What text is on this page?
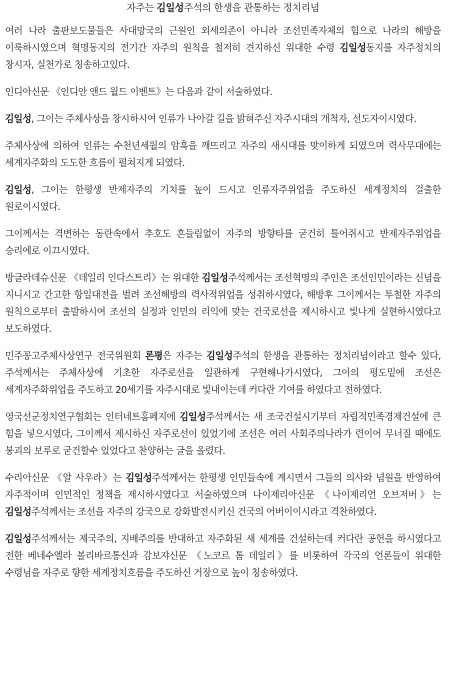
자주는 김일성주석의 한생을 관통하는 정치리념
여러 나라 출판보도물들은 사대망국의 근원인 외세의존이 아니라 조선민족자체의 힘으로 나라의 해방을 이룩하시였으며 혁명동지의 전기간 자주의 원칙을 철저히 견지하신 위대한 수령 김일성동지를 자주정치의 창시자, 실천가로 칭송하고있다.
인디아신문 《인디안 앤드 월드 이벤트》는 다음과 같이 서술하였다.
김일성, 그이는 주체사상을 창시하시여 인류가 나아갈 길을 밝혀주신 자주시대의 개척자, 선도자이시였다.
주체사상에 의하여 인류는 수천년세월의 암흑을 깨뜨리고 자주의 새시대를 맞이하게 되였으며 력사무대에는 세계자주화의 도도한 흐름이 펼쳐지게 되였다.
김일성, 그이는 한평생 반제자주의 기치를 높이 드시고 인류자주위업을 주도하신 세계정치의 걸출한 원로이시였다.
그이께서는 격변하는 동란속에서 추호도 흔들림없이 자주의 방향타를 굳건히 틀어쥐시고 반제자주위업을 승리에로 이끄시였다.
방글라데슈신문 《데일리 인다스트리》는 위대한 김일성주석께서는 조선혁명의 주인은 조선인민이라는 신념을 지니시고 간고한 항일대전을 벌려 조선해방의 력사적위업을 성취하시였다, 해방후 그이께서는 투철한 자주의 원칙으로부터 출발하시여 조선의 실정과 인민의 리익에 맞는 건국로선을 제시하시고 빛나게 실현하시였다고 보도하였다.
민주꽁고주체사상연구 전국위원회 론평은 자주는 김일성주석의 한생을 관통하는 정치리념이라고 할수 있다, 주석께서는 주체사상에 기초한 자주로선을 일관하게 구현해나가시였다, 그이의 평도밑에 조선은 세계자주화위업을 주도하고 20세기를 자주시대로 빛내이는데 커다란 기여를 하였다고 전하였다.
영국선군정치연구협회는 인터네트홈페지에 김일성주석께서는 새 조국건설시기부터 자립적민족경제건설에 큰 힘을 넣으시였다, 그이께서 제시하신 자주로선이 있었기에 조선은 여러 사회주의나라가 련이어 무너질 때에도 붕괴의 보루로 굳건할수 있었다고 찬양하는 글을 올렸다.
수리아신문 《알 사우라》는 김일성주석께서는 한평생 인민들속에 계시면서 그들의 의사와 념원을 반영하여 자주적이며 인민적인 정책을 제시하시였다고 서술하였으며 나이제리아신문 《나이제리언 오브저버》는 김일성주석께서는 조선을 자주의 강국으로 강화발전시키신 건국의 어버이이시라고 격찬하였다.
김일성주석께서는 제국주의, 지배주의를 반대하고 자주화된 새 세계를 건설하는데 커다란 공헌을 하시였다고 전한 베네수엘라 볼리바르통신과 감보쟈신문 《노코르 톰 데일리》를 비롯하여 각국의 언론들이 위대한 수령님을 자주로 향한 세계정치흐름을 주도하신 거장으로 높이 칭송하였다.
